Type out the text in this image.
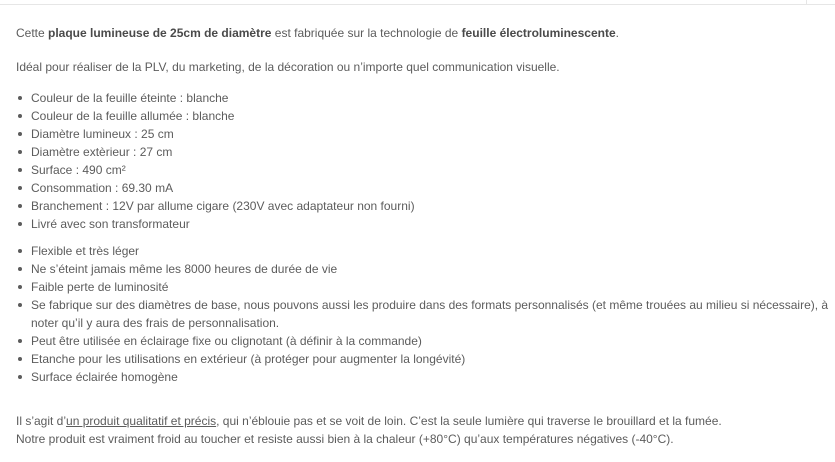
Cette plaque lumineuse de 25cm de diamètre est fabriquée sur la technologie de feuille électroluminescente.

Idéal pour réaliser de la PLV, du marketing, de la décoration ou n’importe quel communication visuelle.

Couleur de la feuille éteinte : blanche
Couleur de la feuille allumée : blanche
Diamètre lumineux : 25 cm
Diamètre extèrieur : 27 cm
Surface : 490 cm²
Consommation : 69.30 mA
Branchement : 12V par allume cigare (230V avec adaptateur non fourni)
Livré avec son transformateur
Flexible et très léger
Ne s’éteint jamais même les 8000 heures de durée de vie
Faible perte de luminosité
Se fabrique sur des diamètres de base, nous pouvons aussi les produire dans des formats personnalisés (et même trouées au milieu si nécessaire), à noter qu’il y aura des frais de personnalisation.
Peut être utilisée en éclairage fixe ou clignotant (à définir à la commande)
Etanche pour les utilisations en extérieur (à protéger pour augmenter la longévité)
Surface éclairée homogène

Il s’agit d’un produit qualitatif et précis, qui n’éblouie pas et se voit de loin. C’est la seule lumière qui traverse le brouillard et la fumée.

Notre produit est vraiment froid au toucher et resiste aussi bien à la chaleur (+80°C) qu’aux températures négatives (-40°C).
